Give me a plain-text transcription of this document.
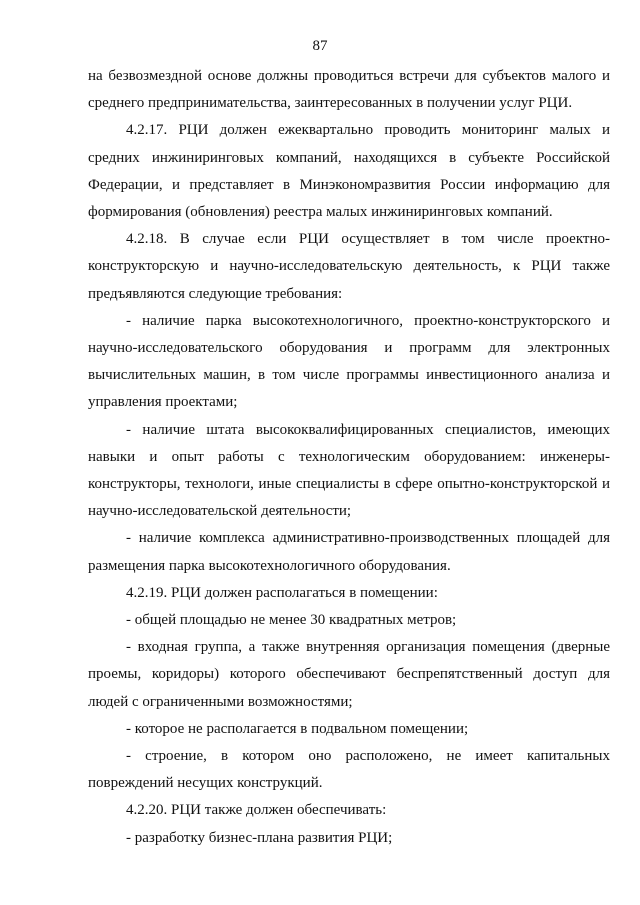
87

на безвозмездной основе должны проводиться встречи для субъектов малого и среднего предпринимательства, заинтересованных в получении услуг РЦИ.

4.2.17. РЦИ должен ежеквартально проводить мониторинг малых и средних инжиниринговых компаний, находящихся в субъекте Российской Федерации, и представляет в Минэкономразвития России информацию для формирования (обновления) реестра малых инжиниринговых компаний.

4.2.18. В случае если РЦИ осуществляет в том числе проектно-конструкторскую и научно-исследовательскую деятельность, к РЦИ также предъявляются следующие требования:

- наличие парка высокотехнологичного, проектно-конструкторского и научно-исследовательского оборудования и программ для электронных вычислительных машин, в том числе программы инвестиционного анализа и управления проектами;

- наличие штата высококвалифицированных специалистов, имеющих навыки и опыт работы с технологическим оборудованием: инженеры-конструкторы, технологи, иные специалисты в сфере опытно-конструкторской и научно-исследовательской деятельности;

- наличие комплекса административно-производственных площадей для размещения парка высокотехнологичного оборудования.

4.2.19. РЦИ должен располагаться в помещении:

- общей площадью не менее 30 квадратных метров;

- входная группа, а также внутренняя организация помещения (дверные проемы, коридоры) которого обеспечивают беспрепятственный доступ для людей с ограниченными возможностями;

- которое не располагается в подвальном помещении;

- строение, в котором оно расположено, не имеет капитальных повреждений несущих конструкций.

4.2.20. РЦИ также должен обеспечивать:

- разработку бизнес-плана развития РЦИ;
